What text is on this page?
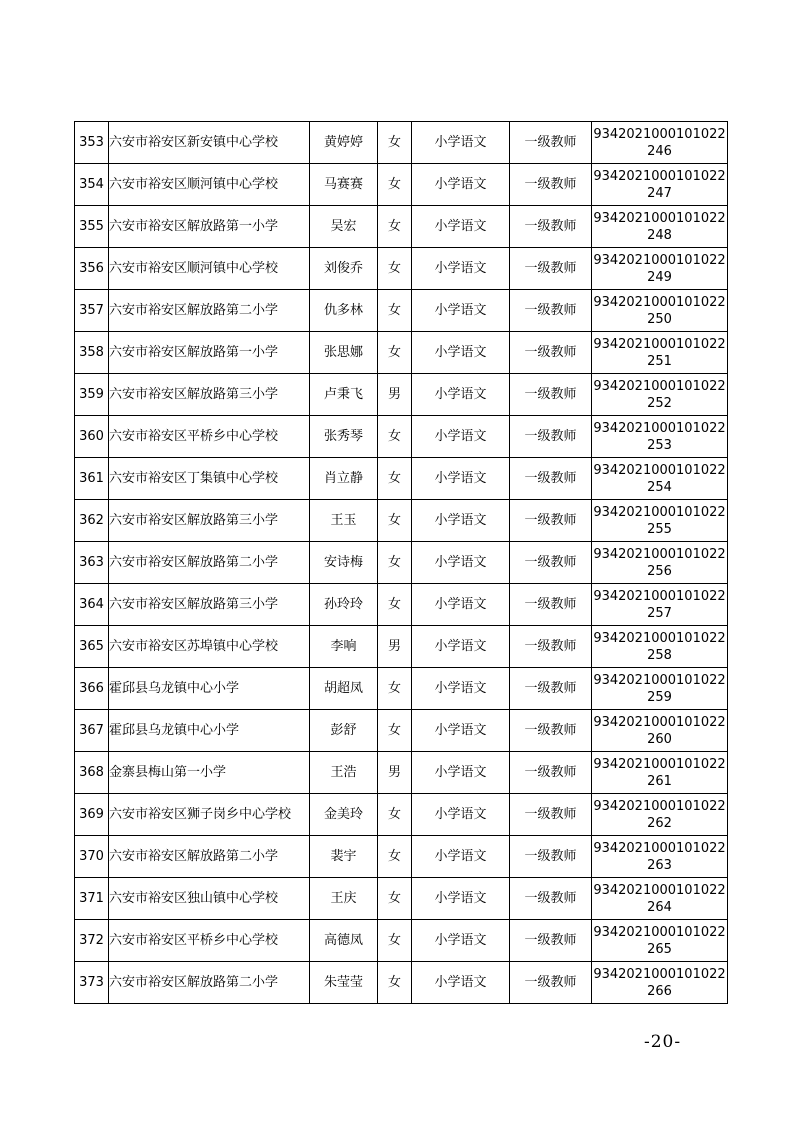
353	六安市裕安区新安镇中心学校	黄婷婷	女	小学语文	一级教师	9342021000101022246
354	六安市裕安区顺河镇中心学校	马赛赛	女	小学语文	一级教师	9342021000101022247
355	六安市裕安区解放路第一小学	吴宏	女	小学语文	一级教师	9342021000101022248
356	六安市裕安区顺河镇中心学校	刘俊乔	女	小学语文	一级教师	9342021000101022249
357	六安市裕安区解放路第二小学	仇多林	女	小学语文	一级教师	9342021000101022250
358	六安市裕安区解放路第一小学	张思娜	女	小学语文	一级教师	9342021000101022251
359	六安市裕安区解放路第三小学	卢秉飞	男	小学语文	一级教师	9342021000101022252
360	六安市裕安区平桥乡中心学校	张秀琴	女	小学语文	一级教师	9342021000101022253
361	六安市裕安区丁集镇中心学校	肖立静	女	小学语文	一级教师	9342021000101022254
362	六安市裕安区解放路第三小学	王玉	女	小学语文	一级教师	9342021000101022255
363	六安市裕安区解放路第二小学	安诗梅	女	小学语文	一级教师	9342021000101022256
364	六安市裕安区解放路第三小学	孙玲玲	女	小学语文	一级教师	9342021000101022257
365	六安市裕安区苏埠镇中心学校	李响	男	小学语文	一级教师	9342021000101022258
366	霍邱县乌龙镇中心小学	胡超凤	女	小学语文	一级教师	9342021000101022259
367	霍邱县乌龙镇中心小学	彭舒	女	小学语文	一级教师	9342021000101022260
368	金寨县梅山第一小学	王浩	男	小学语文	一级教师	9342021000101022261
369	六安市裕安区狮子岗乡中心学校	金美玲	女	小学语文	一级教师	9342021000101022262
370	六安市裕安区解放路第二小学	裴宇	女	小学语文	一级教师	9342021000101022263
371	六安市裕安区独山镇中心学校	王庆	女	小学语文	一级教师	9342021000101022264
372	六安市裕安区平桥乡中心学校	高德凤	女	小学语文	一级教师	9342021000101022265
373	六安市裕安区解放路第二小学	朱莹莹	女	小学语文	一级教师	9342021000101022266
-20-
